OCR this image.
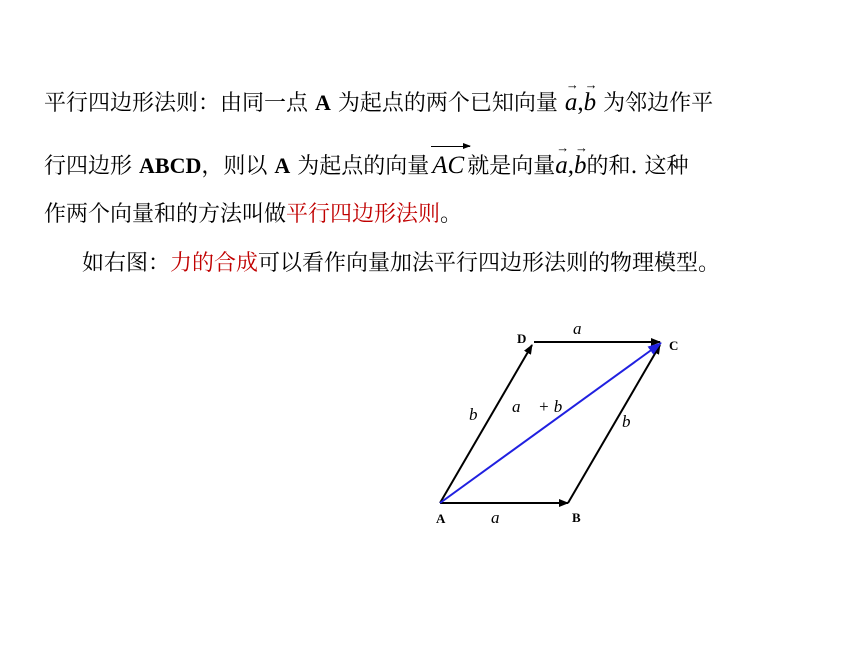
平行四边形法则：由同一点 A 为起点的两个已知向量
→
a,
→
b 为邻边作平
行四边形 ABCD，则以 A 为起点的向量 AC 就是向量
→
a,
→
b的和. 这种
作两个向量和的方法叫做平行四边形法则。
如右图：力的合成可以看作向量加法平行四边形法则的物理模型。
A	B
C
D
a⃗
a⃗
b⃗	b⃗
a⃗ + b⃗
